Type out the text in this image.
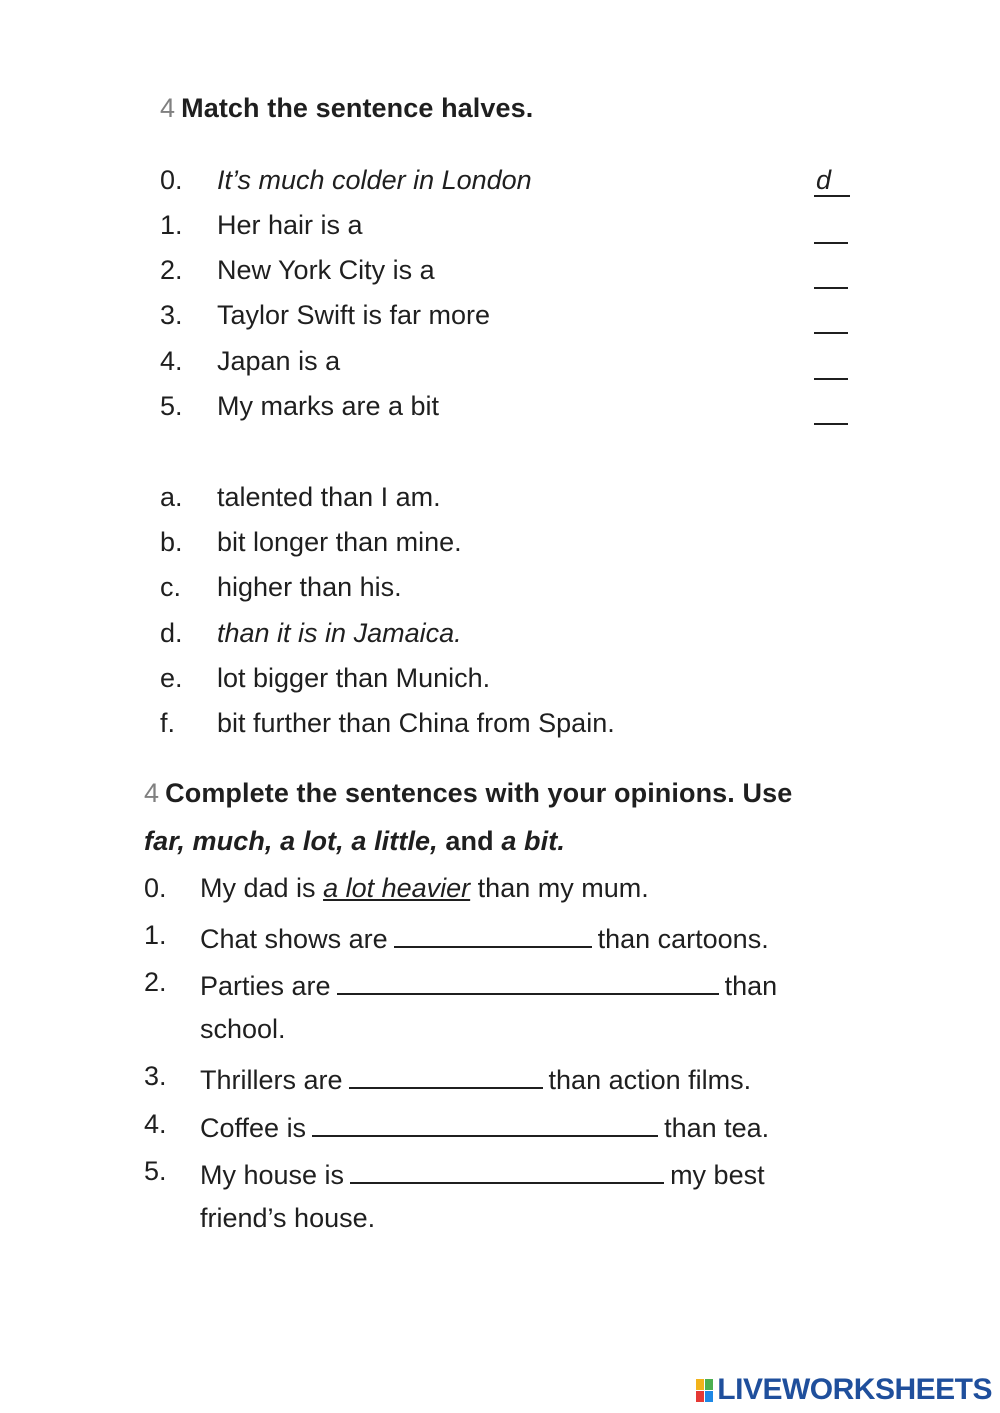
4 Match the sentence halves.
0. It’s much colder in London	d
1. Her hair is a
2. New York City is a
3. Taylor Swift is far more
4. Japan is a
5. My marks are a bit
a. talented than I am.
b. bit longer than mine.
c. higher than his.
d. than it is in Jamaica.
e. lot bigger than Munich.
f. bit further than China from Spain.
4 Complete the sentences with your opinions. Use
far, much, a lot, a little, and a bit.
0. My dad is a lot heavier than my mum.
1. Chat shows are	than cartoons.
2. Parties are	than
school.
3. Thrillers are	than action films.
4. Coffee is	than tea.
5. My house is	my best
friend’s house.
LIVEWORKSHEETS
